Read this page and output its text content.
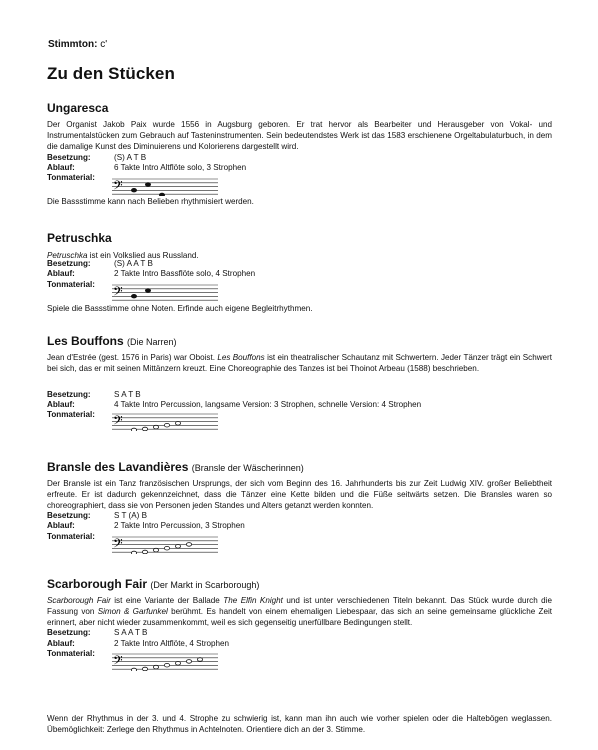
Stimmton: c'
Zu den Stücken
Ungaresca

Der Organist Jakob Paix wurde 1556 in Augsburg geboren. Er trat hervor als Bearbeiter und Herausgeber von Vokal- und Instrumentalstücken zum Gebrauch auf Tasteninstrumenten. Sein bedeutendstes Werk ist das 1583 erschienene Orgeltabulaturbuch, in dem die damalige Kunst des Diminuierens und Kolorierens dargestellt wird.

Besetzung:	(S) A T B
Ablauf:	6 Takte Intro Altflöte solo, 3 Strophen
Tonmaterial:
𝄢

Die Bassstimme kann nach Belieben rhythmisiert werden.

Petruschka

Petruschka ist ein Volkslied aus Russland.

Besetzung:	(S) A A T B
Ablauf:	2 Takte Intro Bassflöte solo, 4 Strophen
Tonmaterial:	𝄢

Spiele die Bassstimme ohne Noten. Erfinde auch eigene Begleitrhythmen.

Les Bouffons (Die Narren)

Jean d'Estrée (gest. 1576 in Paris) war Oboist. Les Bouffons ist ein theatralischer Schautanz mit Schwertern. Jeder Tänzer trägt ein Schwert bei sich, das er mit seinen Mittänzern kreuzt. Eine Choreographie des Tanzes ist bei Thoinot Arbeau (1588) beschrieben.

Besetzung:	S A T B
Ablauf:	4 Takte Intro Percussion, langsame Version: 3 Strophen, schnelle Version: 4 Strophen
Tonmaterial:	𝄢
Bransle des Lavandières (Bransle der Wäscherinnen)

Der Bransle ist ein Tanz französischen Ursprungs, der sich vom Beginn des 16. Jahrhunderts bis zur Zeit Ludwig XIV. großer Beliebtheit erfreute. Er ist dadurch gekennzeichnet, dass die Tänzer eine Kette bilden und die Füße seitwärts setzen. Die Bransles waren so choreographiert, dass sie von Personen jeden Standes und Alters getanzt werden konnten.

Besetzung:	S T (A) B
Ablauf:	2 Takte Intro Percussion, 3 Strophen
Tonmaterial:	𝄢
Scarborough Fair (Der Markt in Scarborough)

Scarborough Fair ist eine Variante der Ballade The Elfin Knight und ist unter verschiedenen Titeln bekannt. Das Stück wurde durch die Fassung von Simon & Garfunkel berühmt. Es handelt von einem ehemaligen Liebespaar, das sich an seine gemeinsame glückliche Zeit erinnert, aber nicht wieder zusammenkommt, weil es sich gegenseitig unerfüllbare Bedingungen stellt.

Besetzung:	S A A T B
Ablauf:	2 Takte Intro Altflöte, 4 Strophen
Tonmaterial:	𝄢

Wenn der Rhythmus in der 3. und 4. Strophe zu schwierig ist, kann man ihn auch wie vorher spielen oder die Haltebögen weglassen. Übemöglichkeit: Zerlege den Rhythmus in Achtelnoten. Orientiere dich an der 3. Stimme.
